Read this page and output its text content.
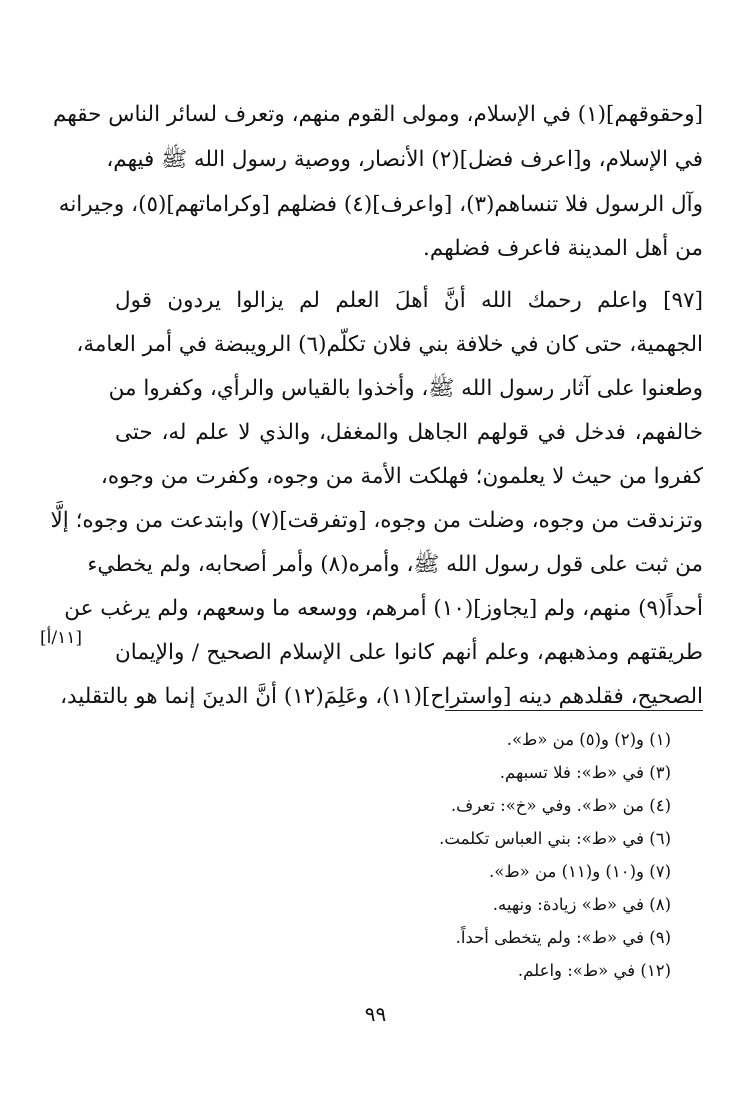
[وحقوقهم](١) في الإسلام، ومولى القوم منهم، وتعرف لسائر الناس حقهم
في الإسلام، و[اعرف فضل](٢) الأنصار، ووصية رسول الله ﷺ فيهم،
وآل الرسول فلا تنساهم(٣)، [واعرف](٤) فضلهم [وكراماتهم](٥)، وجيرانه
من أهل المدينة فاعرف فضلهم.
[٩٧] واعلم رحمك الله أنَّ أهلَ العلم لم يزالوا يردون قول
الجهمية، حتى كان في خلافة بني فلان تكلّم(٦) الرويبضة في أمر العامة،
وطعنوا على آثار رسول الله ﷺ، وأخذوا بالقياس والرأي، وكفروا من
خالفهم، فدخل في قولهم الجاهل والمغفل، والذي لا علم له، حتى
كفروا من حيث لا يعلمون؛ فهلكت الأمة من وجوه، وكفرت من وجوه،
وتزندقت من وجوه، وضلت من وجوه، [وتفرقت](٧) وابتدعت من وجوه؛ إلَّا
من ثبت على قول رسول الله ﷺ، وأمره(٨) وأمر أصحابه، ولم يخطيء
أحداً(٩) منهم، ولم [يجاوز](١٠) أمرهم، ووسعه ما وسعهم، ولم يرغب عن
طريقتهم ومذهبهم، وعلم أنهم كانوا على الإسلام الصحيح / والإيمان
الصحيح، فقلدهم دينه [واستراح](١١)، وعَلِمَ(١٢) أنَّ الدينَ إنما هو بالتقليد،
[١١/أ]
(١) و(٢) و(٥) من «ط».
(٣) في «ط»: فلا تسبهم.
(٤) من «ط». وفي «خ»: تعرف.
(٦) في «ط»: بني العباس تكلمت.
(٧) و(١٠) و(١١) من «ط».
(٨) في «ط» زيادة: ونهيه.
(٩) في «ط»: ولم يتخطى أحداً.
(١٢) في «ط»: واعلم.
٩٩
